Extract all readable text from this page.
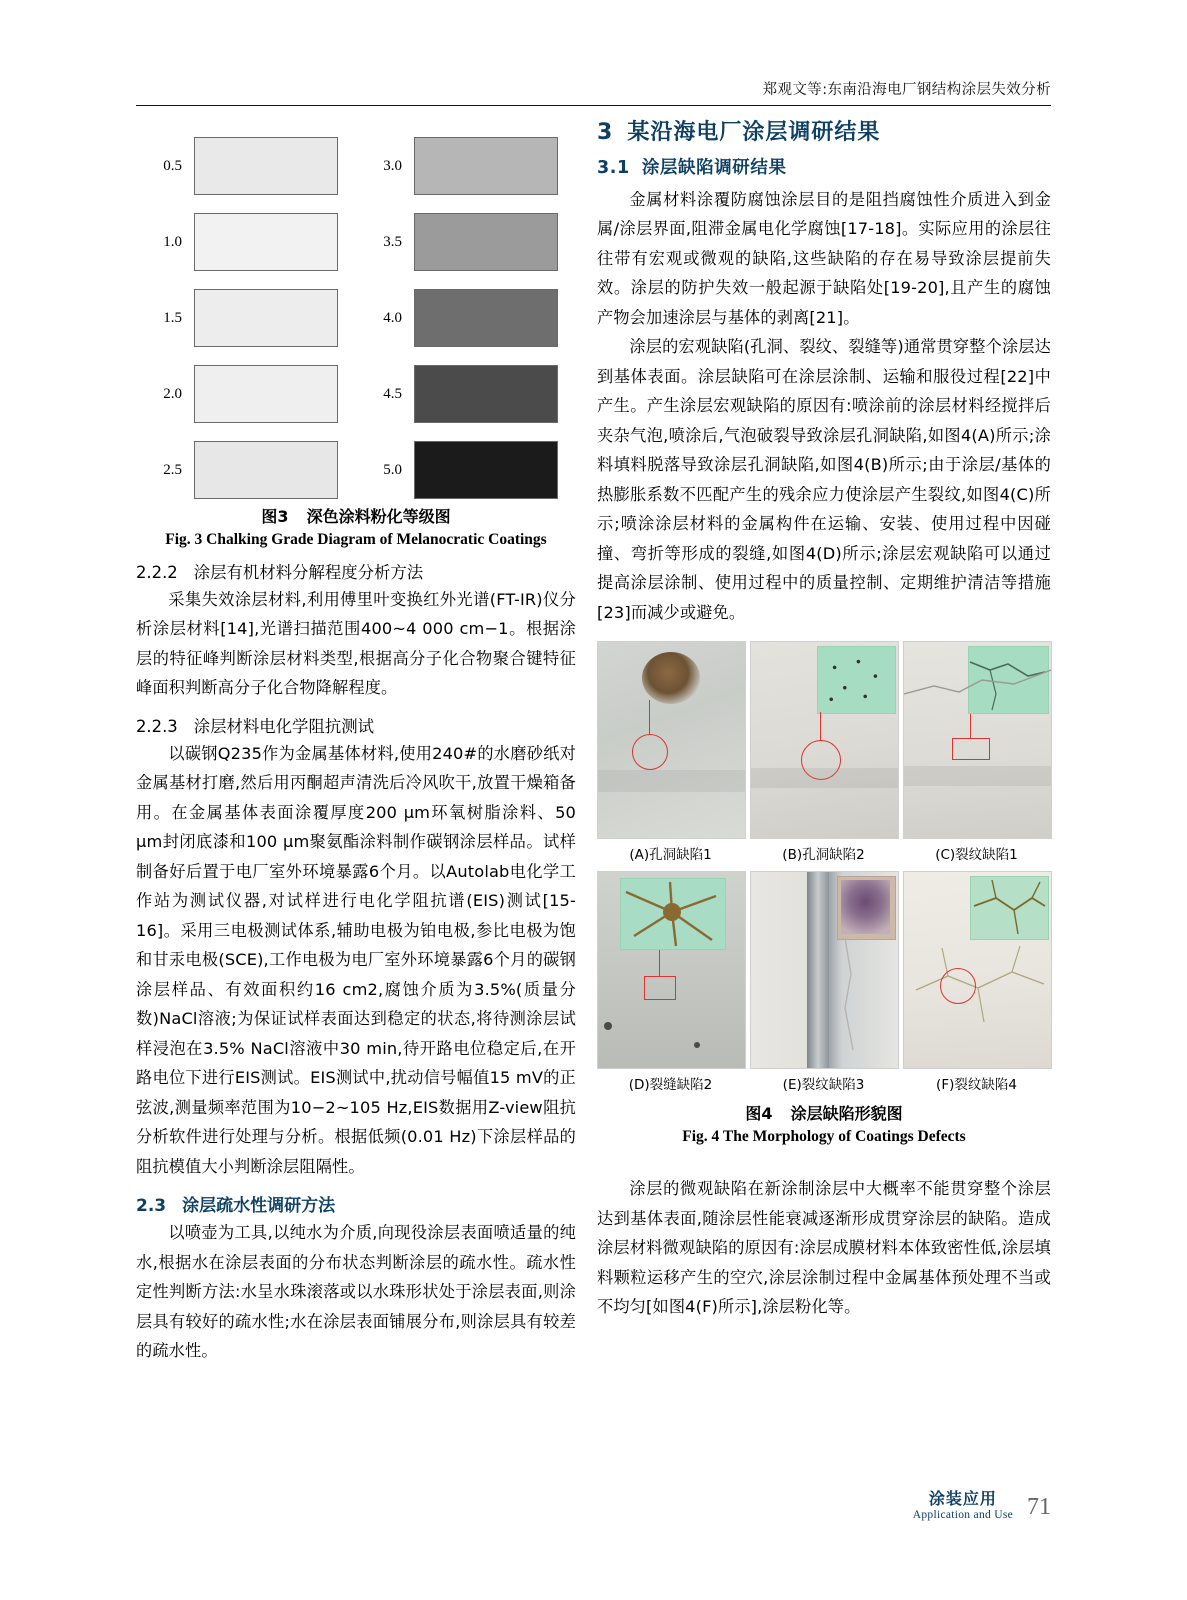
郑观文等:东南沿海电厂钢结构涂层失效分析
0.5
1.0
1.5
2.0
2.5
3.0
3.5
4.0
4.5
5.0
图3 深色涂料粉化等级图
Fig. 3 Chalking Grade Diagram of Melanocratic Coatings
2.2.2 涂层有机材料分解程度分析方法
采集失效涂层材料,利用傅里叶变换红外光谱(FT-IR)仪分析涂层材料[14],光谱扫描范围400~4 000 cm−1。根据涂层的特征峰判断涂层材料类型,根据高分子化合物聚合键特征峰面积判断高分子化合物降解程度。
2.2.3 涂层材料电化学阻抗测试
以碳钢Q235作为金属基体材料,使用240#的水磨砂纸对金属基材打磨,然后用丙酮超声清洗后冷风吹干,放置干燥箱备用。在金属基体表面涂覆厚度200 μm环氧树脂涂料、50 μm封闭底漆和100 μm聚氨酯涂料制作碳钢涂层样品。试样制备好后置于电厂室外环境暴露6个月。以Autolab电化学工作站为测试仪器,对试样进行电化学阻抗谱(EIS)测试[15-16]。采用三电极测试体系,辅助电极为铂电极,参比电极为饱和甘汞电极(SCE),工作电极为电厂室外环境暴露6个月的碳钢涂层样品、有效面积约16 cm2,腐蚀介质为3.5%(质量分数)NaCl溶液;为保证试样表面达到稳定的状态,将待测涂层试样浸泡在3.5% NaCl溶液中30 min,待开路电位稳定后,在开路电位下进行EIS测试。EIS测试中,扰动信号幅值15 mV的正弦波,测量频率范围为10−2~105 Hz,EIS数据用Z-view阻抗分析软件进行处理与分析。根据低频(0.01 Hz)下涂层样品的阻抗模值大小判断涂层阻隔性。
2.3 涂层疏水性调研方法
以喷壶为工具,以纯水为介质,向现役涂层表面喷适量的纯水,根据水在涂层表面的分布状态判断涂层的疏水性。疏水性定性判断方法:水呈水珠滚落或以水珠形状处于涂层表面,则涂层具有较好的疏水性;水在涂层表面铺展分布,则涂层具有较差的疏水性。
3 某沿海电厂涂层调研结果
3.1 涂层缺陷调研结果
金属材料涂覆防腐蚀涂层目的是阻挡腐蚀性介质进入到金属/涂层界面,阻滞金属电化学腐蚀[17-18]。实际应用的涂层往往带有宏观或微观的缺陷,这些缺陷的存在易导致涂层提前失效。涂层的防护失效一般起源于缺陷处[19-20],且产生的腐蚀产物会加速涂层与基体的剥离[21]。
涂层的宏观缺陷(孔洞、裂纹、裂缝等)通常贯穿整个涂层达到基体表面。涂层缺陷可在涂层涂制、运输和服役过程[22]中产生。产生涂层宏观缺陷的原因有:喷涂前的涂层材料经搅拌后夹杂气泡,喷涂后,气泡破裂导致涂层孔洞缺陷,如图4(A)所示;涂料填料脱落导致涂层孔洞缺陷,如图4(B)所示;由于涂层/基体的热膨胀系数不匹配产生的残余应力使涂层产生裂纹,如图4(C)所示;喷涂涂层材料的金属构件在运输、安装、使用过程中因碰撞、弯折等形成的裂缝,如图4(D)所示;涂层宏观缺陷可以通过提高涂层涂制、使用过程中的质量控制、定期维护清洁等措施[23]而减少或避免。
(A)孔洞缺陷1	(B)孔洞缺陷2	(C)裂纹缺陷1
(D)裂缝缺陷2	(E)裂纹缺陷3	(F)裂纹缺陷4
图4 涂层缺陷形貌图
Fig. 4 The Morphology of Coatings Defects
涂层的微观缺陷在新涂制涂层中大概率不能贯穿整个涂层达到基体表面,随涂层性能衰减逐渐形成贯穿涂层的缺陷。造成涂层材料微观缺陷的原因有:涂层成膜材料本体致密性低,涂层填料颗粒运移产生的空穴,涂层涂制过程中金属基体预处理不当或不均匀[如图4(F)所示],涂层粉化等。
涂装应用
Application and Use 71
